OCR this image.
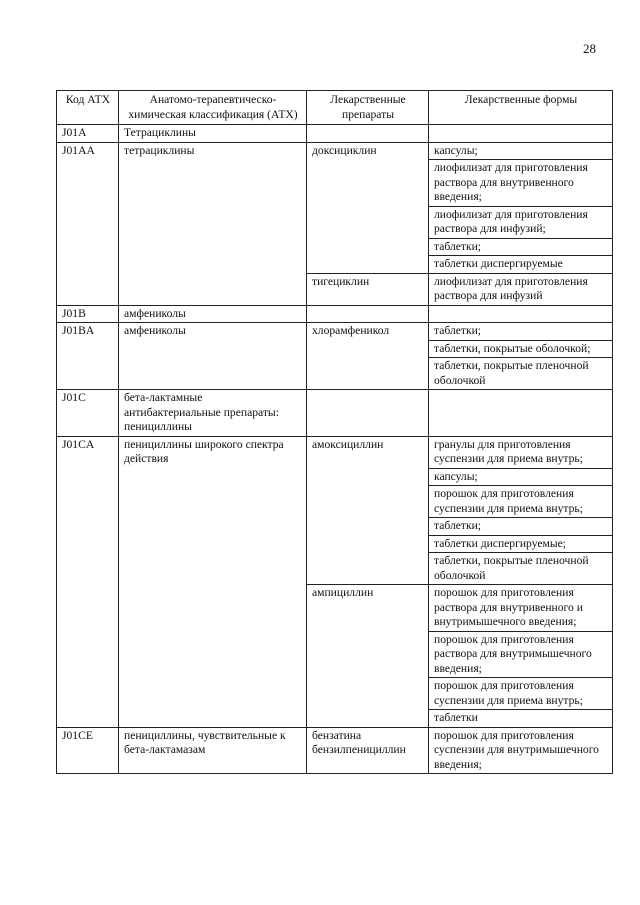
28
Код АТХ	Анатомо-терапевтическо-химическая классификация (АТХ)	Лекарственные препараты	Лекарственные формы
J01A	Тетрациклины		
J01AA	тетрациклины	доксициклин	капсулы;
			лиофилизат для приготовления раствора для внутривенного введения;
			лиофилизат для приготовления раствора для инфузий;
			таблетки;
			таблетки диспергируемые
		тигециклин	лиофилизат для приготовления раствора для инфузий
J01B	амфениколы		
J01BA	амфениколы	хлорамфеникол	таблетки;
			таблетки, покрытые оболочкой;
			таблетки, покрытые пленочной оболочкой
J01C	бета-лактамные антибактериальные препараты: пенициллины		
J01CA	пенициллины широкого спектра действия	амоксициллин	гранулы для приготовления суспензии для приема внутрь;
			капсулы;
			порошок для приготовления суспензии для приема внутрь;
			таблетки;
			таблетки диспергируемые;
			таблетки, покрытые пленочной оболочкой
		ампициллин	порошок для приготовления раствора для внутривенного и внутримышечного введения;
			порошок для приготовления раствора для внутримышечного введения;
			порошок для приготовления суспензии для приема внутрь;
			таблетки
J01CE	пенициллины, чувствительные к бета-лактамазам	бензатина бензилпенициллин	порошок для приготовления суспензии для внутримышечного введения;
